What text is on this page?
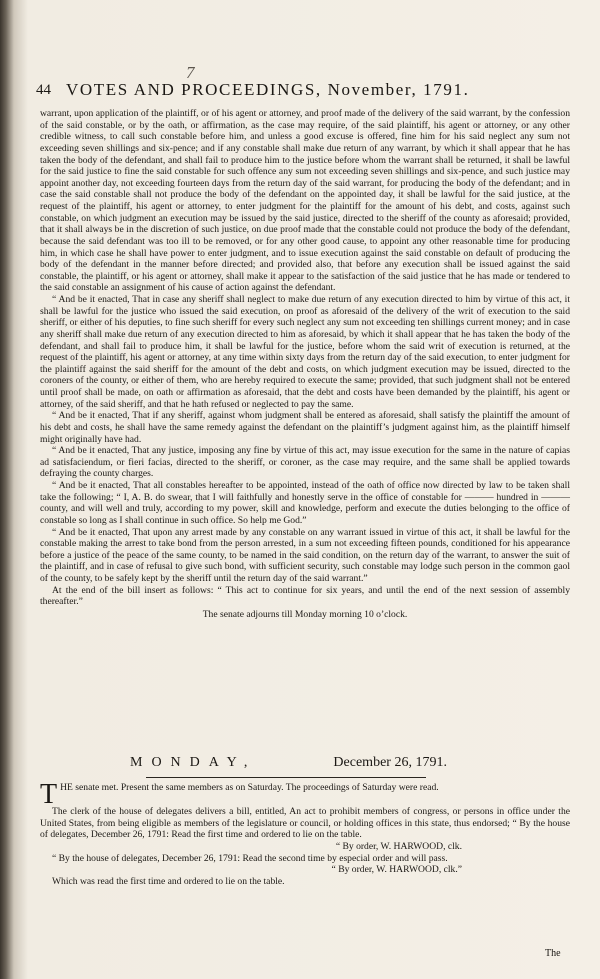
7
44 VOTES AND PROCEEDINGS, November, 1791.

warrant, upon application of the plaintiff, or of his agent or attorney, and proof made of the delivery of the said warrant, by the confession of the said constable, or by the oath, or affirmation, as the case may require, of the said plaintiff, his agent or attorney, or any other credible witness, to call such constable before him, and unless a good excuse is offered, fine him for his said neglect any sum not exceeding seven shillings and six-pence; and if any constable shall make due return of any warrant, by which it shall appear that he has taken the body of the defendant, and shall fail to produce him to the justice before whom the warrant shall be returned, it shall be lawful for the said justice to fine the said constable for such offence any sum not exceeding seven shillings and six-pence, and such justice may appoint another day, not exceeding fourteen days from the return day of the said warrant, for producing the body of the defendant; and in case the said constable shall not produce the body of the defendant on the appointed day, it shall be lawful for the said justice, at the request of the plaintiff, his agent or attorney, to enter judgment for the plaintiff for the amount of his debt, and costs, against such constable, on which judgment an execution may be issued by the said justice, directed to the sheriff of the county as aforesaid; provided, that it shall always be in the discretion of such justice, on due proof made that the constable could not produce the body of the defendant, because the said defendant was too ill to be removed, or for any other good cause, to appoint any other reasonable time for producing him, in which case he shall have power to enter judgment, and to issue execution against the said constable on default of producing the body of the defendant in the manner before directed; and provided also, that before any execution shall be issued against the said constable, the plaintiff, or his agent or attorney, shall make it appear to the satisfaction of the said justice that he has made or tendered to the said constable an assignment of his cause of action against the defendant.

“ And be it enacted, That in case any sheriff shall neglect to make due return of any execution directed to him by virtue of this act, it shall be lawful for the justice who issued the said execution, on proof as aforesaid of the delivery of the writ of execution to the said sheriff, or either of his deputies, to fine such sheriff for every such neglect any sum not exceeding ten shillings current money; and in case any sheriff shall make due return of any execution directed to him as aforesaid, by which it shall appear that he has taken the body of the defendant, and shall fail to produce him, it shall be lawful for the justice, before whom the said writ of execution is returned, at the request of the plaintiff, his agent or attorney, at any time within sixty days from the return day of the said execution, to enter judgment for the plaintiff against the said sheriff for the amount of the debt and costs, on which judgment execution may be issued, directed to the coroners of the county, or either of them, who are hereby required to execute the same; provided, that such judgment shall not be entered until proof shall be made, on oath or affirmation as aforesaid, that the debt and costs have been demanded by the plaintiff, his agent or attorney, of the said sheriff, and that he hath refused or neglected to pay the same.

“ And be it enacted, That if any sheriff, against whom judgment shall be entered as aforesaid, shall satisfy the plaintiff the amount of his debt and costs, he shall have the same remedy against the defendant on the plaintiff’s judgment against him, as the plaintiff himself might originally have had.

“ And be it enacted, That any justice, imposing any fine by virtue of this act, may issue execution for the same in the nature of capias ad satisfaciendum, or fieri facias, directed to the sheriff, or coroner, as the case may require, and the same shall be applied towards defraying the county charges.

“ And be it enacted, That all constables hereafter to be appointed, instead of the oath of office now directed by law to be taken shall take the following; “ I, A. B. do swear, that I will faithfully and honestly serve in the office of constable for ——— hundred in ——— county, and will well and truly, according to my power, skill and knowledge, perform and execute the duties belonging to the office of constable so long as I shall continue in such office. So help me God.”

“ And be it enacted, That upon any arrest made by any constable on any warrant issued in virtue of this act, it shall be lawful for the constable making the arrest to take bond from the person arrested, in a sum not exceeding fifteen pounds, conditioned for his appearance before a justice of the peace of the same county, to be named in the said condition, on the return day of the warrant, to answer the suit of the plaintiff, and in case of refusal to give such bond, with sufficient security, such constable may lodge such person in the common gaol of the county, to be safely kept by the sheriff until the return day of the said warrant.”

At the end of the bill insert as follows: “ This act to continue for six years, and until the end of the next session of assembly thereafter.”

The senate adjourns till Monday morning 10 o’clock.

MONDAY,	December 26, 1791.

THE senate met. Present the same members as on Saturday. The proceedings of Saturday were read.

The clerk of the house of delegates delivers a bill, entitled, An act to prohibit members of congress, or persons in office under the United States, from being eligible as members of the legislature or council, or holding offices in this state, thus endorsed; “ By the house of delegates, December 26, 1791: Read the first time and ordered to lie on the table.

“ By order, W. HARWOOD, clk.

“ By the house of delegates, December 26, 1791: Read the second time by especial order and will pass.

“ By order, W. HARWOOD, clk.”

Which was read the first time and ordered to lie on the table.

The
